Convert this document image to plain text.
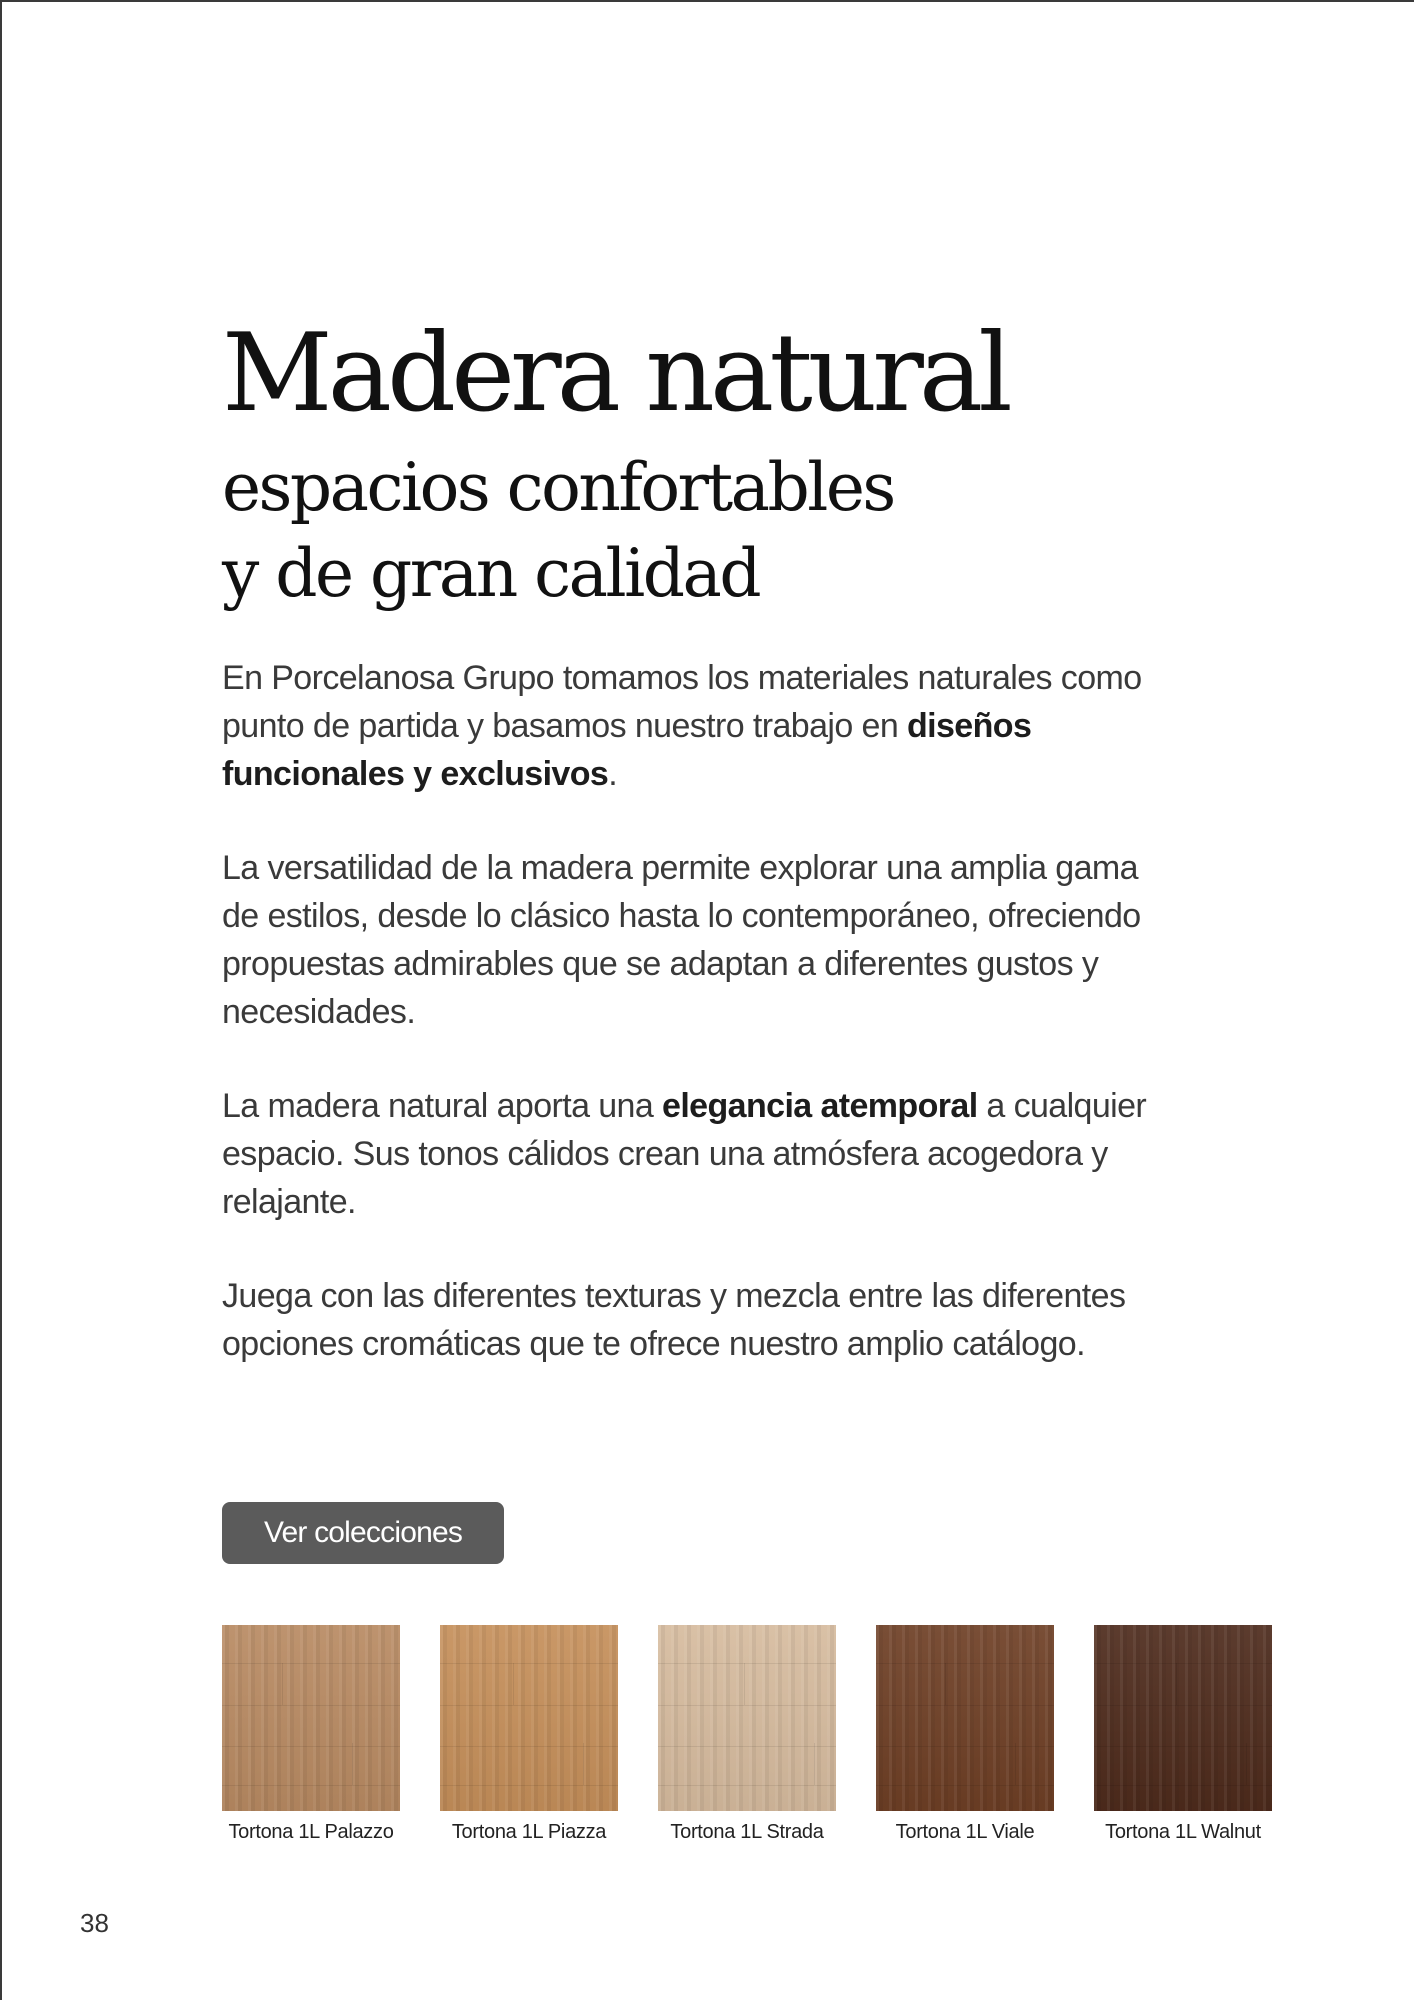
Madera natural
espacios confortables
y de gran calidad

En Porcelanosa Grupo tomamos los materiales naturales como punto de partida y basamos nuestro trabajo en diseños funcionales y exclusivos.

La versatilidad de la madera permite explorar una amplia gama de estilos, desde lo clásico hasta lo contemporáneo, ofreciendo propuestas admirables que se adaptan a diferentes gustos y necesidades.

La madera natural aporta una elegancia atemporal a cualquier espacio. Sus tonos cálidos crean una atmósfera acogedora y relajante.

Juega con las diferentes texturas y mezcla entre las diferentes opciones cromáticas que te ofrece nuestro amplio catálogo.

Ver colecciones
Tortona 1L Palazzo	Tortona 1L Piazza	Tortona 1L Strada	Tortona 1L Viale	Tortona 1L Walnut
38
